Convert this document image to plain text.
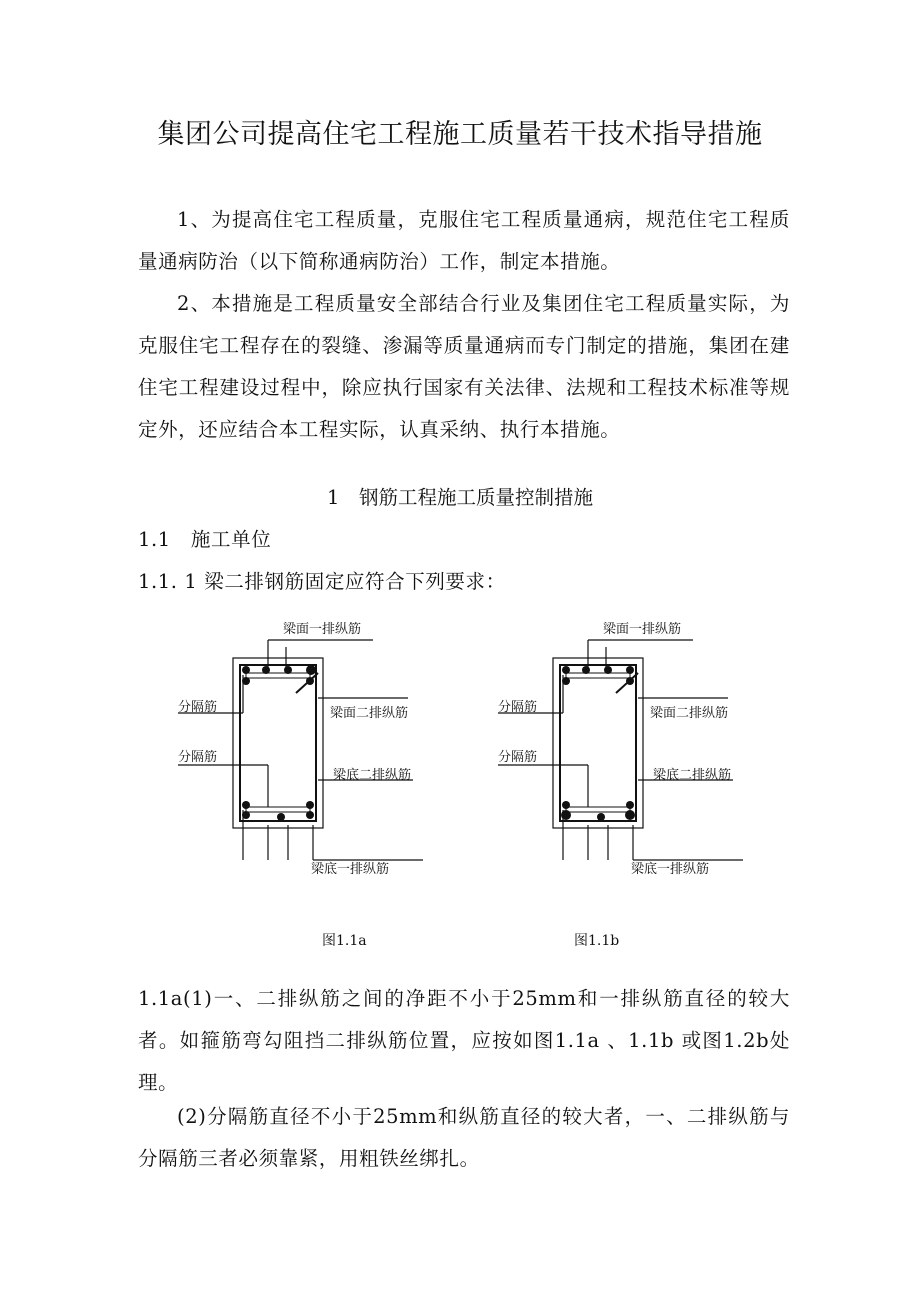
集团公司提高住宅工程施工质量若干技术指导措施
1、为提高住宅工程质量，克服住宅工程质量通病，规范住宅工程质量通病防治（以下简称通病防治）工作，制定本措施。
2、本措施是工程质量安全部结合行业及集团住宅工程质量实际，为克服住宅工程存在的裂缝、渗漏等质量通病而专门制定的措施，集团在建住宅工程建设过程中，除应执行国家有关法律、法规和工程技术标准等规定外，还应结合本工程实际，认真采纳、执行本措施。
1　钢筋工程施工质量控制措施
1.1　施工单位
1.1. 1 梁二排钢筋固定应符合下列要求：
梁面一排纵筋
分隔筋	梁面二排纵筋
分隔筋
梁底二排纵筋
梁底一排纵筋
梁面一排纵筋
分隔筋	梁面二排纵筋
分隔筋
梁底二排纵筋
梁底一排纵筋
图1.1a	图1.1b
1.1a(1)一、二排纵筋之间的净距不小于25mm和一排纵筋直径的较大者。如箍筋弯勾阻挡二排纵筋位置，应按如图1.1a 、1.1b 或图1.2b处理。
(2)分隔筋直径不小于25mm和纵筋直径的较大者，一、二排纵筋与分隔筋三者必须靠紧，用粗铁丝绑扎。
